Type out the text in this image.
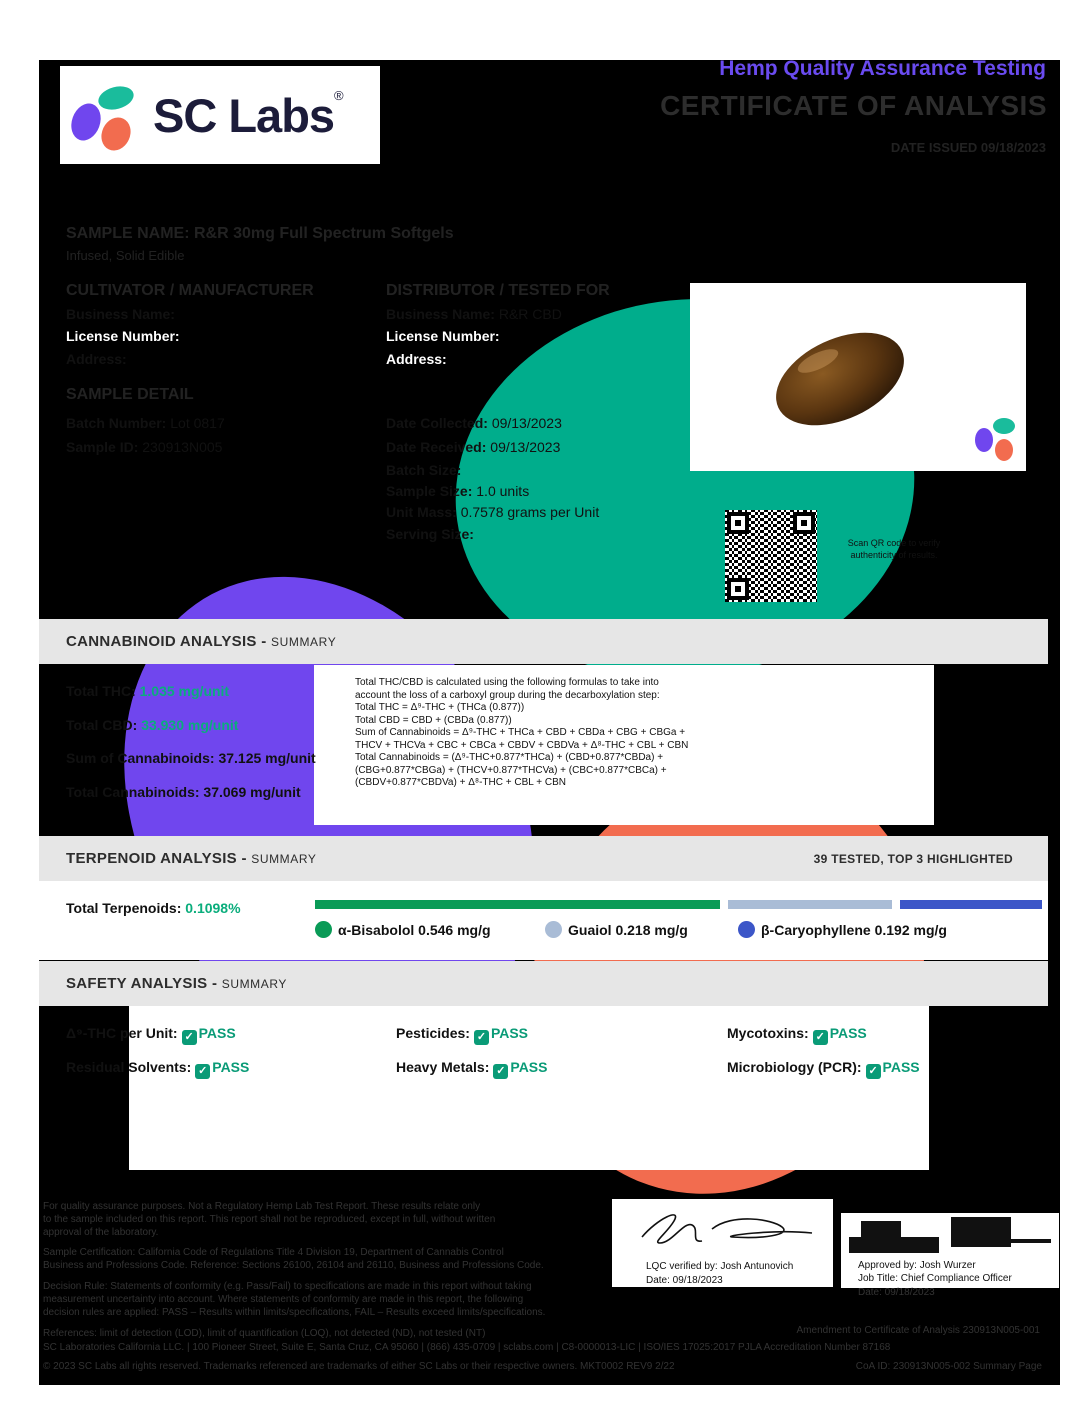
SC Labs®
Hemp Quality Assurance Testing
CERTIFICATE OF ANALYSIS
DATE ISSUED 09/18/2023
SAMPLE NAME: R&R 30mg Full Spectrum Softgels
Infused, Solid Edible
CULTIVATOR / MANUFACTURER
Business Name:
License Number:
Address:
DISTRIBUTOR / TESTED FOR
Business Name: R&R CBD
License Number:
Address:
SAMPLE DETAIL
Batch Number: Lot 0817
Sample ID: 230913N005
Date Collected: 09/13/2023
Date Received: 09/13/2023
Batch Size:
Sample Size: 1.0 units
Unit Mass: 0.7578 grams per Unit
Serving Size:
Scan QR code to verify
authenticity of results.
CANNABINOID ANALYSIS - SUMMARY
Total THC: 1.035 mg/unit
Total CBD: 33.930 mg/unit
Sum of Cannabinoids: 37.125 mg/unit
Total Cannabinoids: 37.069 mg/unit
Total THC/CBD is calculated using the following formulas to take into
account the loss of a carboxyl group during the decarboxylation step:
Total THC = Δ⁹-THC + (THCa (0.877))
Total CBD = CBD + (CBDa (0.877))
Sum of Cannabinoids = Δ⁹-THC + THCa + CBD + CBDa + CBG + CBGa +
THCV + THCVa + CBC + CBCa + CBDV + CBDVa + Δ⁸-THC + CBL + CBN
Total Cannabinoids = (Δ⁹-THC+0.877*THCa) + (CBD+0.877*CBDa) +
(CBG+0.877*CBGa) + (THCV+0.877*THCVa) + (CBC+0.877*CBCa) +
(CBDV+0.877*CBDVa) + Δ⁸-THC + CBL + CBN
TERPENOID ANALYSIS - SUMMARY	39 TESTED, TOP 3 HIGHLIGHTED
Total Terpenoids: 0.1098%
α-Bisabolol 0.546 mg/g	Guaiol 0.218 mg/g	β-Caryophyllene 0.192 mg/g
SAFETY ANALYSIS - SUMMARY
Δ⁹-THC per Unit: ✓ PASS	Pesticides: ✓ PASS	Mycotoxins: ✓ PASS
Residual Solvents: ✓ PASS	Heavy Metals: ✓ PASS	Microbiology (PCR): ✓ PASS
For quality assurance purposes. Not a Regulatory Hemp Lab Test Report. These results relate only
to the sample included on this report. This report shall not be reproduced, except in full, without written
approval of the laboratory.
Sample Certification: California Code of Regulations Title 4 Division 19, Department of Cannabis Control
Business and Professions Code. Reference: Sections 26100, 26104 and 26110, Business and Professions Code.
Decision Rule: Statements of conformity (e.g. Pass/Fail) to specifications are made in this report without taking
measurement uncertainty into account. Where statements of conformity are made in this report, the following
decision rules are applied: PASS – Results within limits/specifications, FAIL – Results exceed limits/specifications.
References: limit of detection (LOD), limit of quantification (LOQ), not detected (ND), not tested (NT)
LQC verified by: Josh Antunovich
Date: 09/18/2023
Approved by: Josh Wurzer
Job Title: Chief Compliance Officer
Date: 09/18/2023
Amendment to Certificate of Analysis 230913N005-001
SC Laboratories California LLC. | 100 Pioneer Street, Suite E, Santa Cruz, CA 95060 | (866) 435-0709 | sclabs.com | C8-0000013-LIC | ISO/IES 17025:2017 PJLA Accreditation Number 87168
© 2023 SC Labs all rights reserved. Trademarks referenced are trademarks of either SC Labs or their respective owners. MKT0002 REV9 2/22	CoA ID: 230913N005-002 Summary Page
